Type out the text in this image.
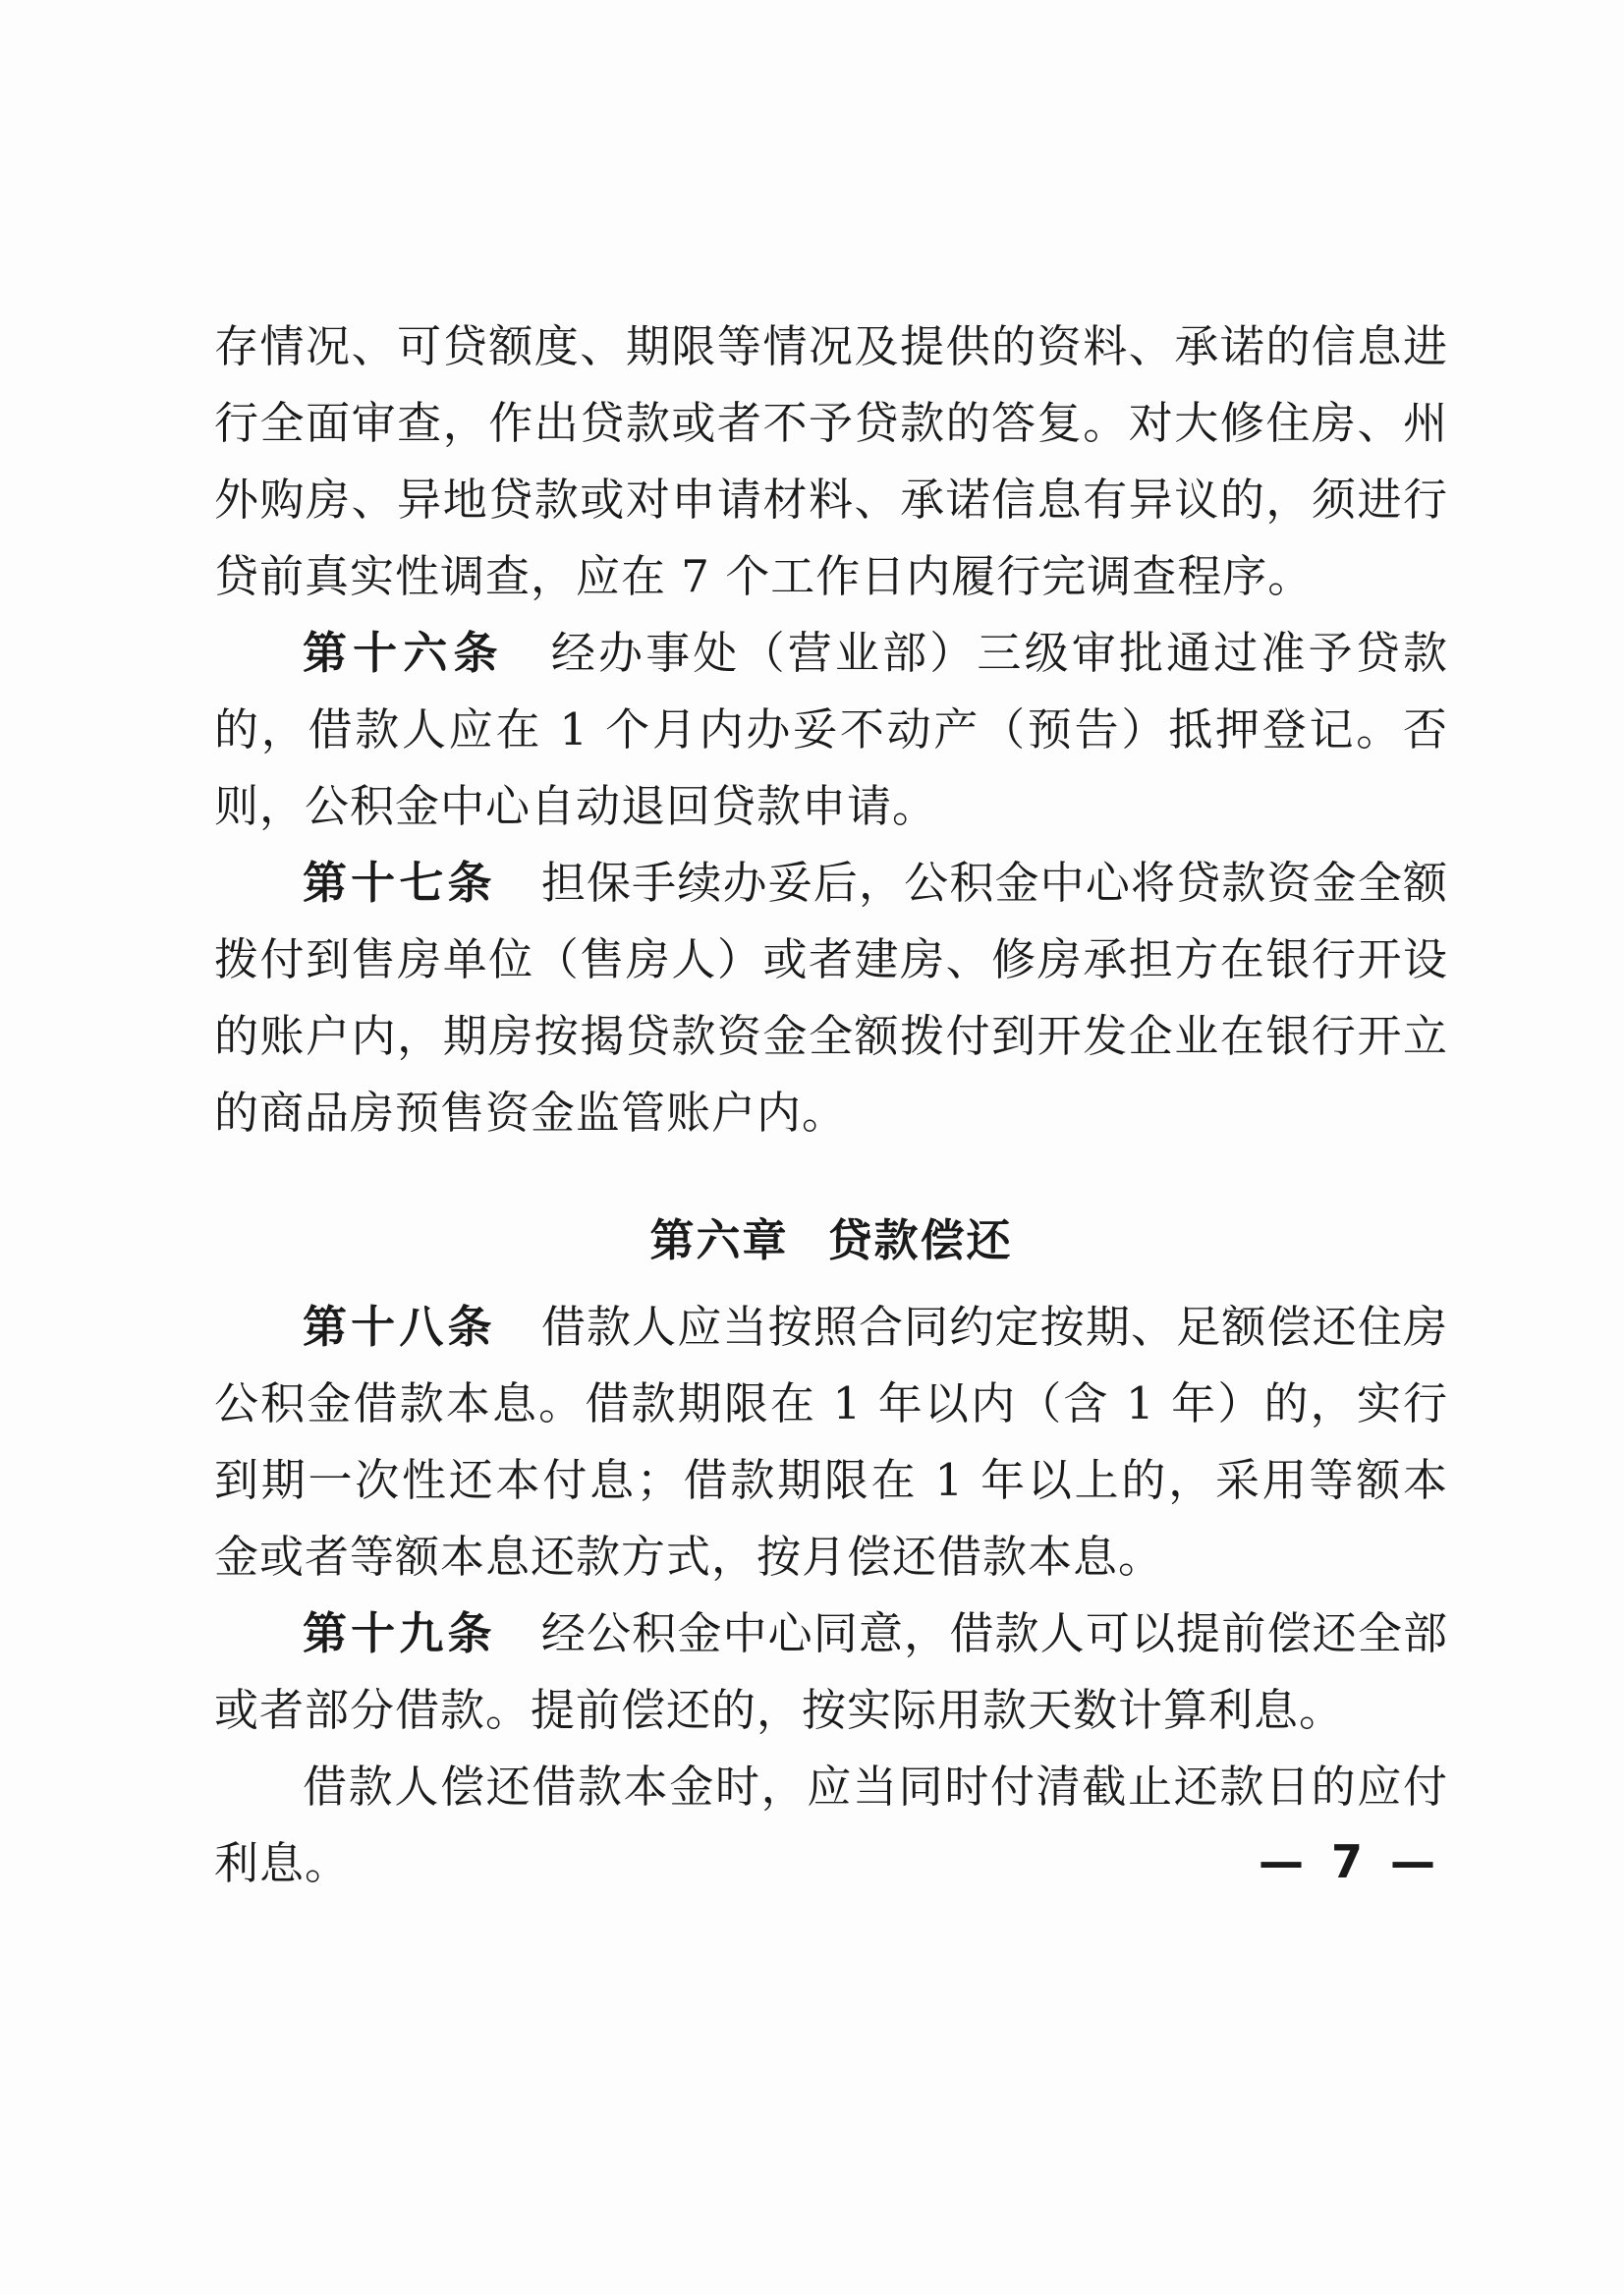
存情况、可贷额度、期限等情况及提供的资料、承诺的信息进行全面审查，作出贷款或者不予贷款的答复。对大修住房、州外购房、异地贷款或对申请材料、承诺信息有异议的，须进行贷前真实性调查，应在 7 个工作日内履行完调查程序。

第十六条 经办事处（营业部）三级审批通过准予贷款的，借款人应在 1 个月内办妥不动产（预告）抵押登记。否则，公积金中心自动退回贷款申请。

第十七条 担保手续办妥后，公积金中心将贷款资金全额拨付到售房单位（售房人）或者建房、修房承担方在银行开设的账户内，期房按揭贷款资金全额拨付到开发企业在银行开立的商品房预售资金监管账户内。

第六章 贷款偿还

第十八条 借款人应当按照合同约定按期、足额偿还住房公积金借款本息。借款期限在 1 年以内（含 1 年）的，实行到期一次性还本付息；借款期限在 1 年以上的，采用等额本金或者等额本息还款方式，按月偿还借款本息。

第十九条 经公积金中心同意，借款人可以提前偿还全部或者部分借款。提前偿还的，按实际用款天数计算利息。

借款人偿还借款本金时，应当同时付清截止还款日的应付利息。	— 7 —
